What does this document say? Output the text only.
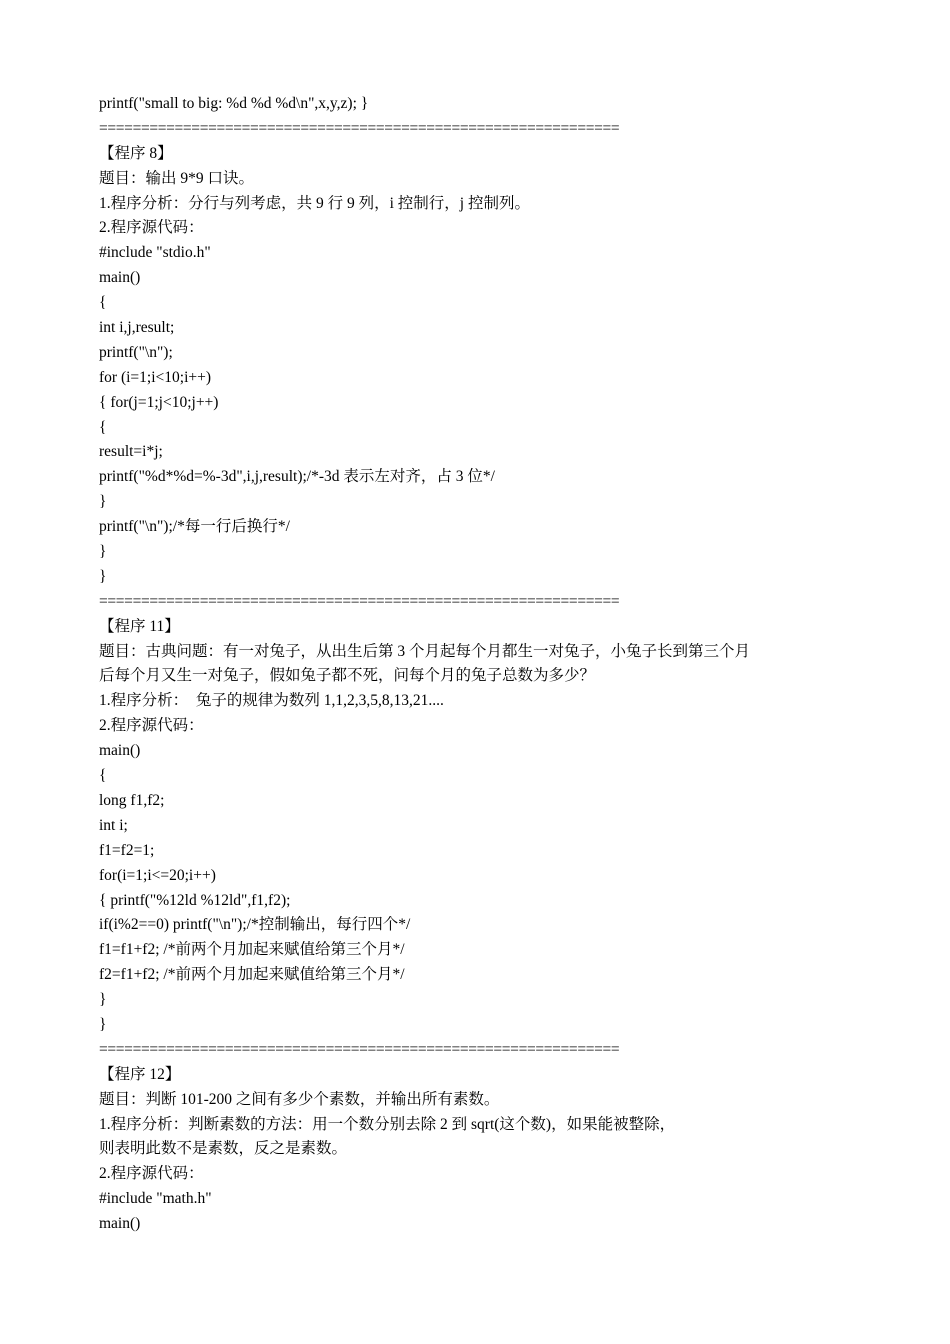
printf("small to big: %d %d %d\n",x,y,z); }
==============================================================
【程序 8】
题目：输出 9*9 口诀。
1.程序分析：分行与列考虑，共 9 行 9 列，i 控制行，j 控制列。
2.程序源代码：
#include "stdio.h"
main()
{
int i,j,result;
printf("\n");
for (i=1;i<10;i++)
{ for(j=1;j<10;j++)
{
result=i*j;
printf("%d*%d=%-3d",i,j,result);/*-3d 表示左对齐，占 3 位*/
}
printf("\n");/*每一行后换行*/
}
}
==============================================================
【程序 11】
题目：古典问题：有一对兔子，从出生后第 3 个月起每个月都生一对兔子，小兔子长到第三个月
后每个月又生一对兔子，假如兔子都不死，问每个月的兔子总数为多少？
1.程序分析：  兔子的规律为数列 1,1,2,3,5,8,13,21....
2.程序源代码：
main()
{
long f1,f2;
int i;
f1=f2=1;
for(i=1;i<=20;i++)
{ printf("%12ld %12ld",f1,f2);
if(i%2==0) printf("\n");/*控制输出，每行四个*/
f1=f1+f2; /*前两个月加起来赋值给第三个月*/
f2=f1+f2; /*前两个月加起来赋值给第三个月*/
}
}
==============================================================
【程序 12】
题目：判断 101-200 之间有多少个素数，并输出所有素数。
1.程序分析：判断素数的方法：用一个数分别去除 2 到 sqrt(这个数)，如果能被整除，
则表明此数不是素数，反之是素数。
2.程序源代码：
#include "math.h"
main()
